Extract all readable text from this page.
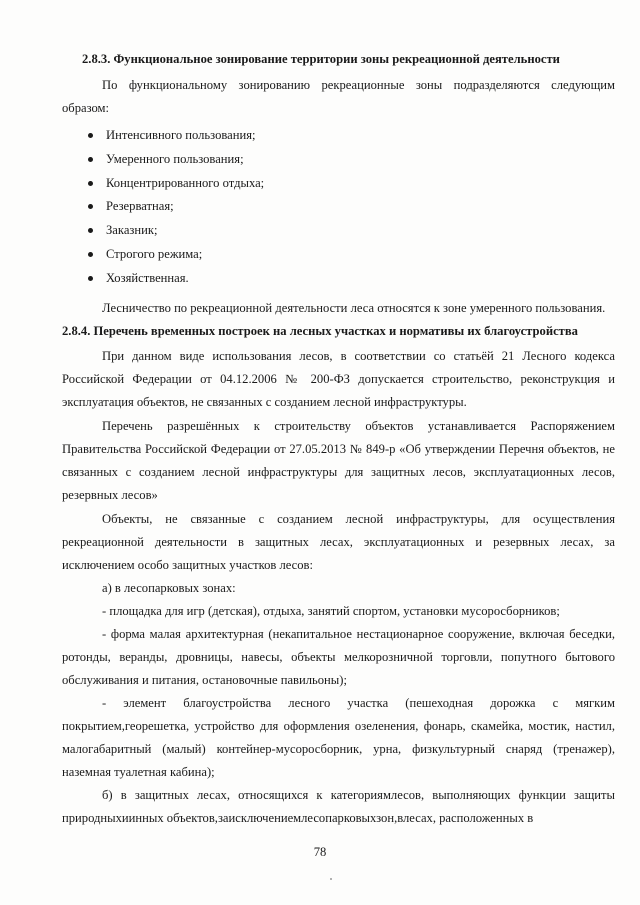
2.8.3. Функциональное зонирование территории зоны рекреационной деятельности

По функциональному зонированию рекреационные зоны подразделяются следующим образом:

Интенсивного пользования;
Умеренного пользования;
Концентрированного отдыха;
Резерватная;
Заказник;
Строгого режима;
Хозяйственная.

Лесничество по рекреационной деятельности леса относятся к зоне умеренного пользования.

2.8.4. Перечень временных построек на лесных участках и нормативы их благоустройства

При данном виде использования лесов, в соответствии со статьёй 21 Лесного кодекса Российской Федерации от 04.12.2006 № 200-ФЗ допускается строительство, реконструкция и эксплуатация объектов, не связанных с созданием лесной инфраструктуры.

Перечень разрешённых к строительству объектов устанавливается Распоряжением Правительства Российской Федерации от 27.05.2013 № 849-р «Об утверждении Перечня объектов, не связанных с созданием лесной инфраструктуры для защитных лесов, эксплуатационных лесов, резервных лесов»

Объекты, не связанные с созданием лесной инфраструктуры, для осуществления рекреационной деятельности в защитных лесах, эксплуатационных и резервных лесах, за исключением особо защитных участков лесов:

а) в лесопарковых зонах:
- площадка для игр (детская), отдыха, занятий спортом, установки мусоросборников;
- форма малая архитектурная (некапитальное нестационарное сооружение, включая беседки, ротонды, веранды, дровницы, навесы, объекты мелкорозничной торговли, попутного бытового обслуживания и питания, остановочные павильоны);
- элемент благоустройства лесного участка (пешеходная дорожка с мягким покрытием,георешетка, устройство для оформления озеленения, фонарь, скамейка, мостик, настил, малогабаритный (малый) контейнер-мусоросборник, урна, физкультурный снаряд (тренажер), наземная туалетная кабина);
б) в защитных лесах, относящихся к категориямлесов, выполняющих функции защиты природныхиинных объектов,заисключениемлесопарковыхзон,влесах, расположенных в
78
